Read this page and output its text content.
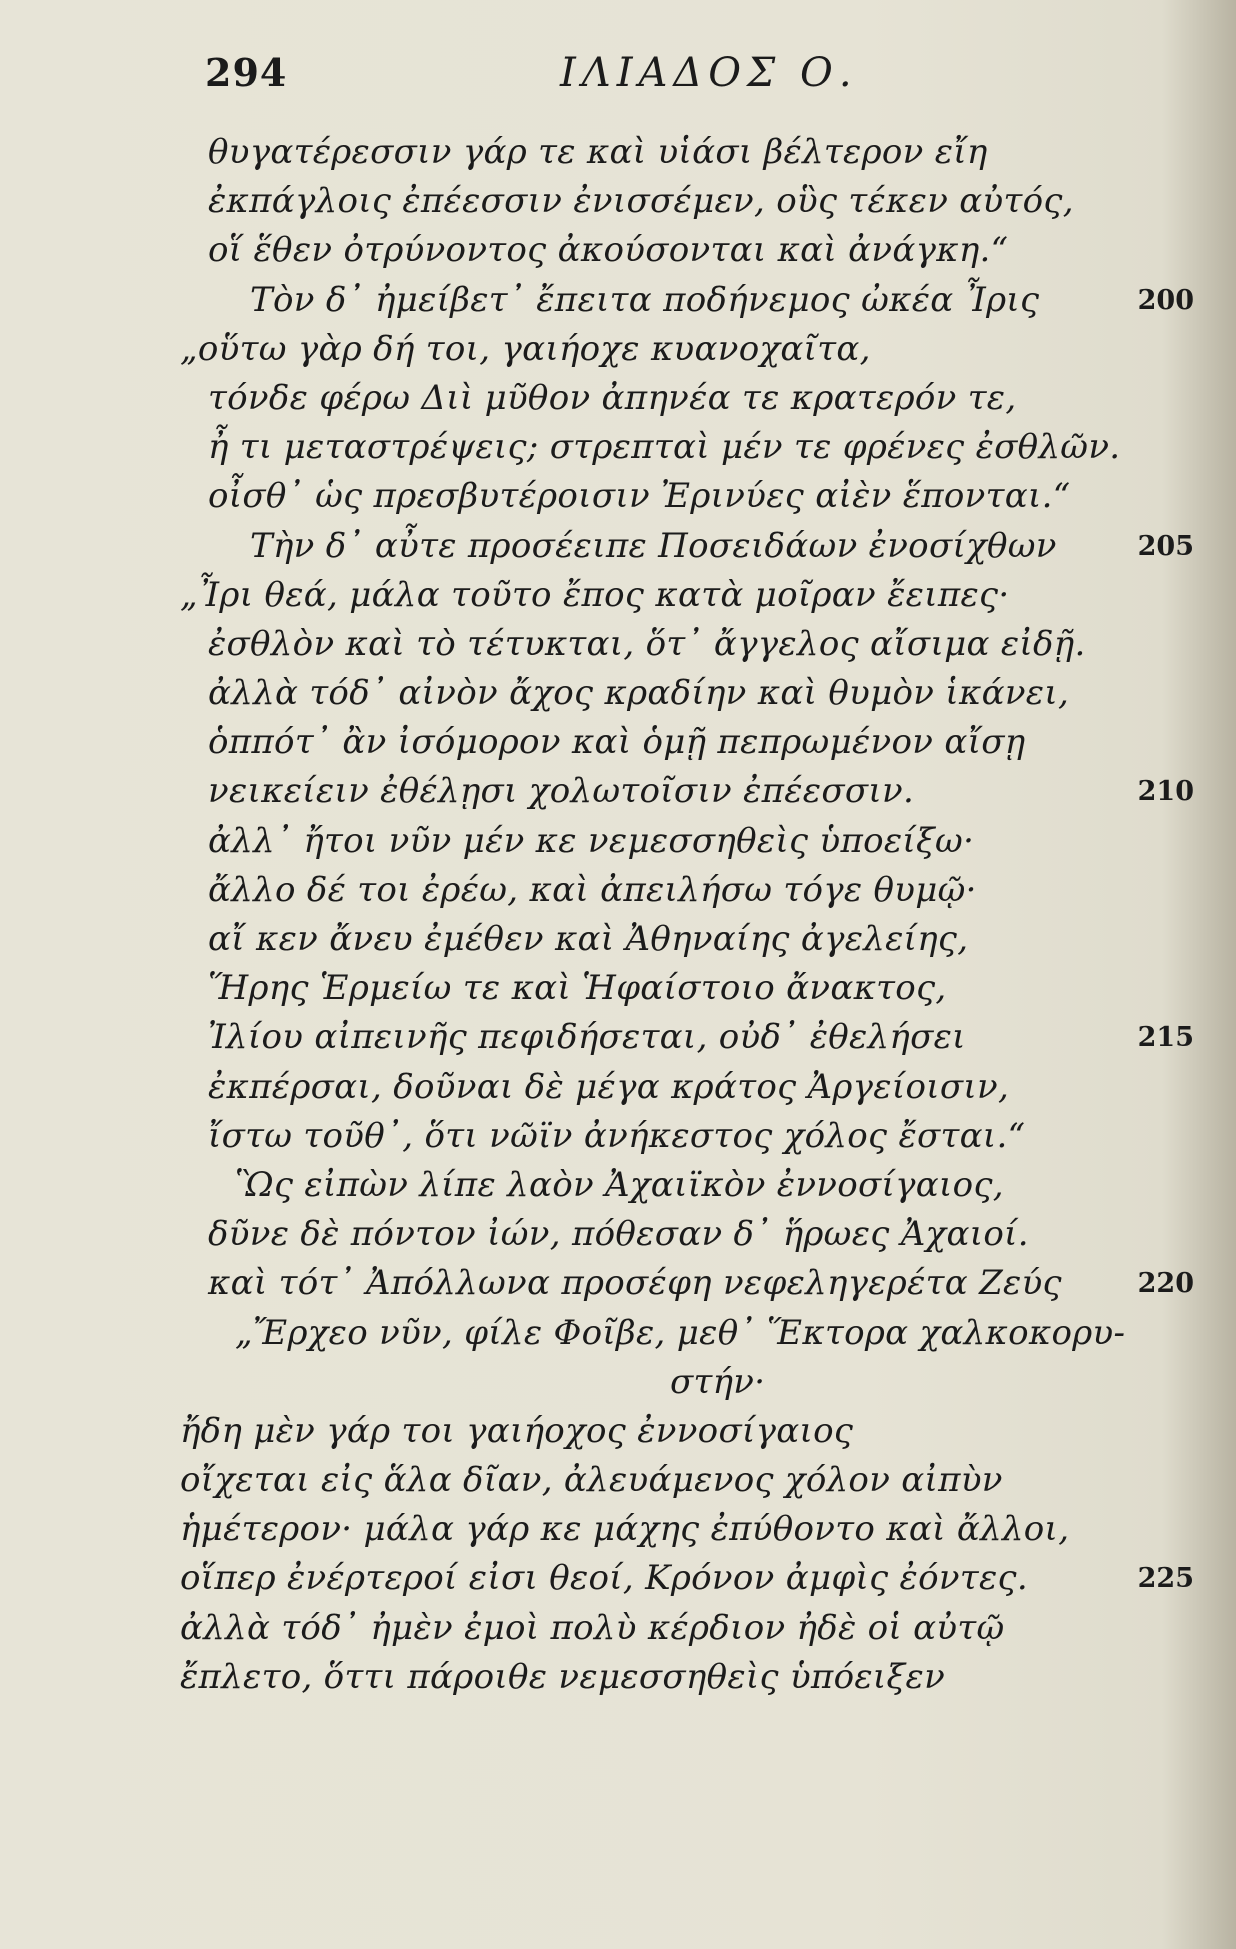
294	ΙΛΙΑΔΟΣ Ο.
θυγατέρεσσιν γάρ τε καὶ υἱάσι βέλτερον εἴη
ἐκπάγλοις ἐπέεσσιν ἐνισσέμεν, οὓς τέκεν αὐτός,
οἵ ἕθεν ὀτρύνοντος ἀκούσονται καὶ ἀνάγκη.“
Τὸν δ᾽ ἠμείβετ᾽ ἔπειτα ποδήνεμος ὠκέα Ἶρις	200
„οὕτω γὰρ δή τοι, γαιήοχε κυανοχαῖτα,
τόνδε φέρω Διὶ μῦθον ἀπηνέα τε κρατερόν τε,
ἦ τι μεταστρέψεις; στρεπταὶ μέν τε φρένες ἐσθλῶν.
οἶσθ᾽ ὡς πρεσβυτέροισιν Ἐρινύες αἰὲν ἕπονται.“
Τὴν δ᾽ αὖτε προσέειπε Ποσειδάων ἐνοσίχθων	205
„Ἶρι θεά, μάλα τοῦτο ἔπος κατὰ μοῖραν ἔειπες·
ἐσθλὸν καὶ τὸ τέτυκται, ὅτ᾽ ἄγγελος αἴσιμα εἰδῇ.
ἀλλὰ τόδ᾽ αἰνὸν ἄχος κραδίην καὶ θυμὸν ἱκάνει,
ὁππότ᾽ ἂν ἰσόμορον καὶ ὁμῇ πεπρωμένον αἴσῃ
νεικείειν ἐθέλῃσι χολωτοῖσιν ἐπέεσσιν.	210
ἀλλ᾽ ἤτοι νῦν μέν κε νεμεσσηθεὶς ὑποείξω·
ἄλλο δέ τοι ἐρέω, καὶ ἀπειλήσω τόγε θυμῷ·
αἴ κεν ἄνευ ἐμέθεν καὶ Ἀθηναίης ἀγελείης,
Ἥρης Ἑρμείω τε καὶ Ἡφαίστοιο ἄνακτος,
Ἰλίου αἰπεινῆς πεφιδήσεται, οὐδ᾽ ἐθελήσει	215
ἐκπέρσαι, δοῦναι δὲ μέγα κράτος Ἀργείοισιν,
ἴστω τοῦθ᾽, ὅτι νῶϊν ἀνήκεστος χόλος ἔσται.“
Ὣς εἰπὼν λίπε λαὸν Ἀχαιϊκὸν ἐννοσίγαιος,
δῦνε δὲ πόντον ἰών, πόθεσαν δ᾽ ἥρωες Ἀχαιοί.
καὶ τότ᾽ Ἀπόλλωνα προσέφη νεφεληγερέτα Ζεύς	220
„Ἔρχεο νῦν, φίλε Φοῖβε, μεθ᾽ Ἕκτορα χαλκοκορυ-
στήν·
ἤδη μὲν γάρ τοι γαιήοχος ἐννοσίγαιος
οἴχεται εἰς ἅλα δῖαν, ἀλευάμενος χόλον αἰπὺν
ἡμέτερον· μάλα γάρ κε μάχης ἐπύθοντο καὶ ἄλλοι,
οἵπερ ἐνέρτεροί εἰσι θεοί, Κρόνον ἀμφὶς ἐόντες.	225
ἀλλὰ τόδ᾽ ἠμὲν ἐμοὶ πολὺ κέρδιον ἠδὲ οἱ αὐτῷ
ἔπλετο, ὅττι πάροιθε νεμεσσηθεὶς ὑπόειξεν
